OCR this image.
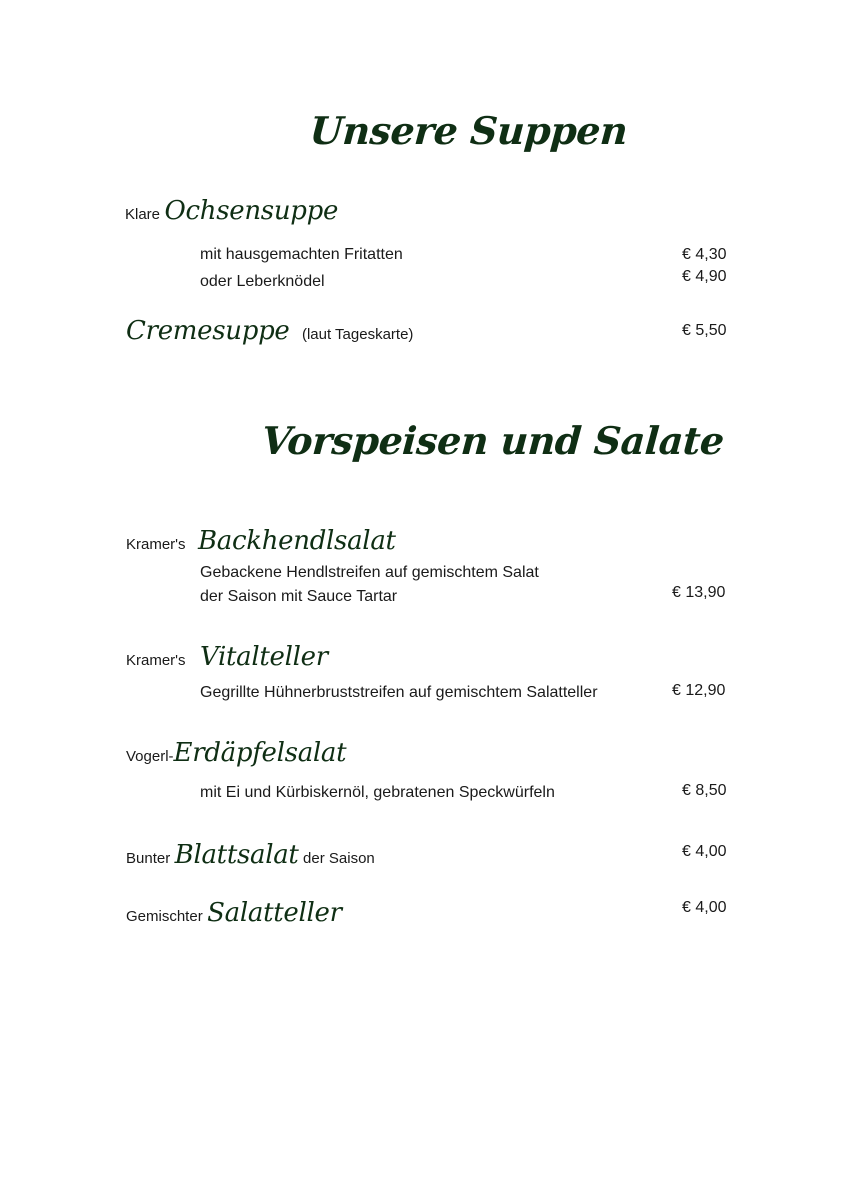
Unsere Suppen
Klare Ochsensuppe
mit hausgemachten Fritatten
oder Leberknödel
€ 4,30
€ 4,90
Cremesuppe (laut Tageskarte)	€ 5,50
Vorspeisen und Salate
Kramer's Backhendlsalat
Gebackene Hendlstreifen auf gemischtem Salat
der Saison mit Sauce Tartar	€ 13,90
Kramer's Vitalteller
Gegrillte Hühnerbruststreifen auf gemischtem Salatteller	€ 12,90
Vogerl-Erdäpfelsalat
mit Ei und Kürbiskernöl, gebratenen Speckwürfeln	€ 8,50
Bunter Blattsalat der Saison	€ 4,00
Gemischter Salatteller	€ 4,00
